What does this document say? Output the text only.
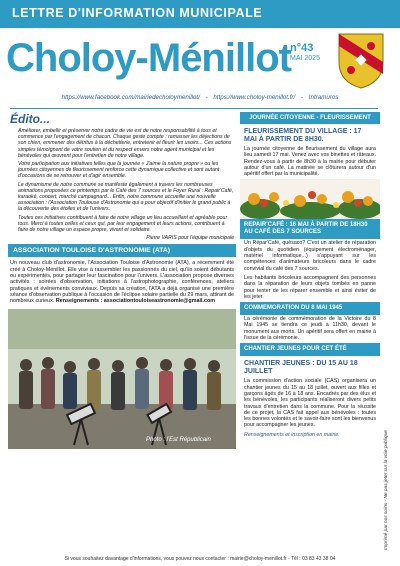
LETTRE D'INFORMATION MUNICIPALE
Choloy-Ménillot n°43
MAI 2025
https://www.facebook.com/mairiedecholoymenillot/ - https://www.choloy-menillot.fr/ - Intramuros
Édito...

Améliorer, embellir et préserver notre cadre de vie est de notre responsabilité à tous et commence par l'engagement de chacun. Chaque geste compte : ramasser les déjections de son chien, emmener des détritus à la déchetterie, entretenir et fleurir les usoirs... Ces actions simples témoignent de votre soutien et du respect envers notre agent municipal et les bénévoles qui œuvrent pour l'entretien de notre village.

Votre participation aux initiatives telles que la journée « J'aime la nature propre » ou les journées citoyennes de fleurissement renforce cette dynamique collective et sont autant d'occasions de se retrouver et d'agir ensemble.

Le dynamisme de notre commune se manifeste également à travers les nombreuses animations proposées ce printemps par le Café des 7 sources et le Foyer Rural : Repair'Café, karaoké, concert, marché campagnard... Enfin, notre commune accueille une nouvelle association : l'Association Toulouse d'Astronomie qui a pour objectif d'initier le grand public à la découverte des étoiles et de l'univers.

Toutes ces initiatives contribuent à faire de notre village un lieu accueillant et agréable pour tous. Merci à toutes celles et ceux qui, par leur engagement et leurs actions, contribuent à faire de notre village un espace propre, vivant et solidaire.

Pierre VARIS pour l'équipe municipale
ASSOCIATION TOULOISE D'ASTRONOMIE (ATA)
Un nouveau club d'astronomie, l'Association Touloise d'Astronomie (ATA), a récemment été créé à Choloy-Ménillot. Elle vise à rassembler les passionnés du ciel, qu'ils soient débutants ou expérimentés, pour partager leur fascination pour l'univers. L'association propose diverses activités : soirées d'observation, initiations à l'astrophotographie, conférences, ateliers pratiques et événements conviviaux. Depuis sa création, l'ATA a déjà organisé une première séance d'observation publique à l'occasion de l'éclipse solaire partielle du 29 mars, attirant de nombreux curieux. Renseignements : associationtouloiseastronomie@gmail.com
Photo : l'Est Républicain
JOURNÉE CITOYENNE - FLEURISSEMENT
FLEURISSEMENT DU VILLAGE : 17 MAI À PARTIR DE 8H30.
La journée citoyenne de fleurissement du village aura lieu samedi 17 mai. Venez avec vos binettes et râteaux. Rendez-vous à partir de 8h30 à la mairie pour débuter autour d'un café. La matinée se clôturera autour d'un apéritif offert par la municipalité.
REPAIR'CAFÉ : 16 MAI À PARTIR DE 18H30 AU CAFÉ DES 7 SOURCES
Un Répar'Café, quèsaco? C'est un atelier de réparation d'objets du quotidien (équipement électroménager, matériel informatique...) s'appuyant sur les compétences d'animateurs bricoleurs dans le cadre convivial du café des 7 sources.
Les habitants bricoleurs accompagnent des personnes dans la réparation de leurs objets tombés en panne pour tenter de les réparer ensemble et ainsi éviter de les jeter.
COMMEMORATION DU 8 MAI 1945
La cérémonie de commémoration de la Victoire du 8 Mai 1945 se tiendra ce jeudi à 11h30, devant le monument aux morts. Un apéritif sera offert en mairie à l'issue de la cérémonie.
CHANTIER JEUNES POUR CET ÉTÉ
CHANTIER JEUNES : DU 15 AU 18 JUILLET
La commission d'action sociale (CAS) organisera un chantier jeunes du 15 au 18 juillet, ouvert aux filles et garçons âgés de 16 à 18 ans. Encadrés par des élus et les bénévoles, les participants réaliseront divers petits travaux d'entretien dans la commune. Pour la réussite de ce projet, la CAS fait appel aux bénévoles : toutes les bonnes volontés et le savoir-faire sont les bienvenus pour accompagner les jeunes.
Renseignements et inscription en mairie.	Imprimé par nos soins - Ne pas jeter sur la voie publique
Si vous souhaitez davantage d'informations, vous pouvez nous contacter : mairie@choloy-menillot.fr - Tél : 03 83 43 38 04
